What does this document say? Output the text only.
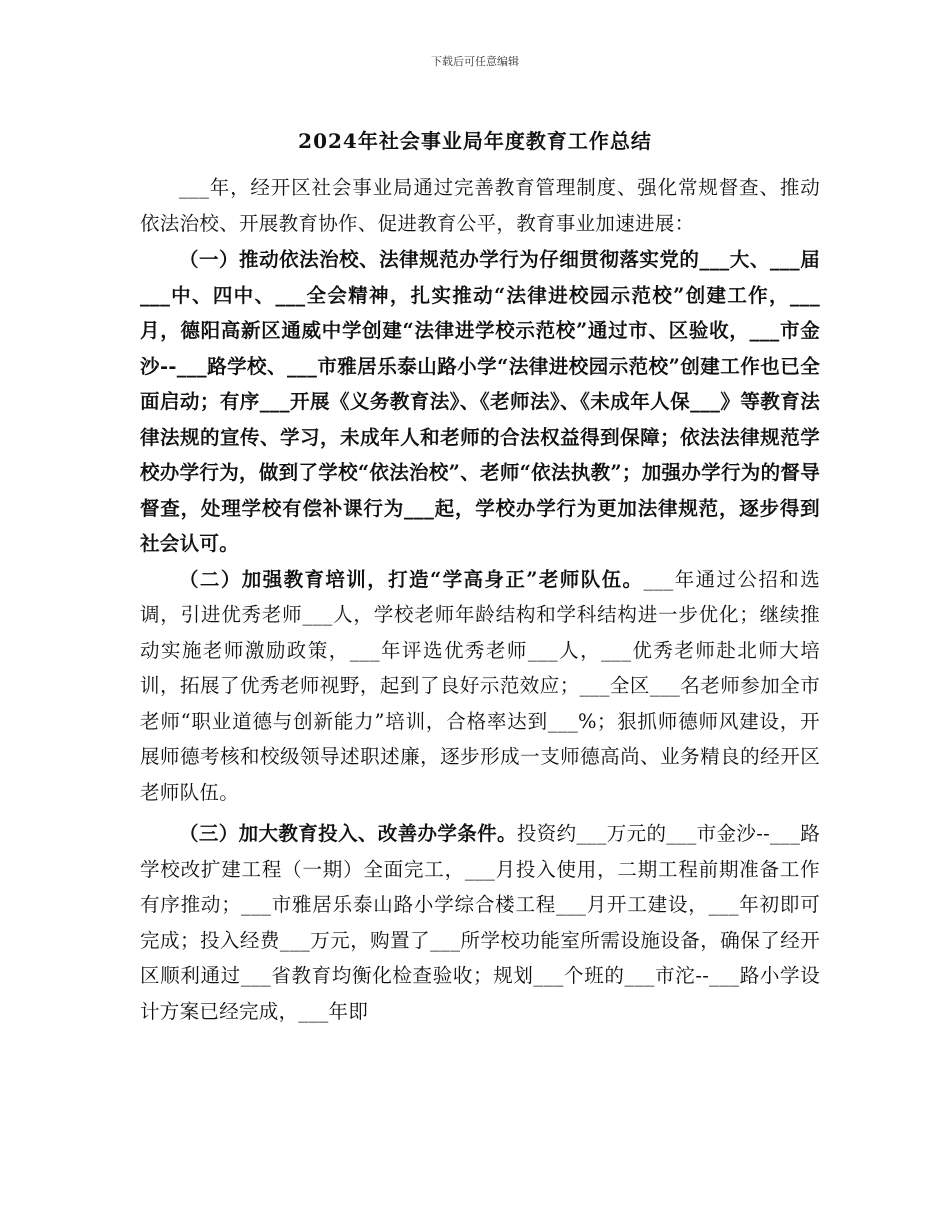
下载后可任意编辑
2024年社会事业局年度教育工作总结

___年，经开区社会事业局通过完善教育管理制度、强化常规督查、推动依法治校、开展教育协作、促进教育公平，教育事业加速进展：

（一）推动依法治校、法律规范办学行为仔细贯彻落实党的___大、___届___中、四中、___全会精神，扎实推动“法律进校园示范校”创建工作，___月，德阳高新区通威中学创建“法律进学校示范校”通过市、区验收，___市金沙--___路学校、___市雅居乐泰山路小学“法律进校园示范校”创建工作也已全面启动；有序___开展《义务教育法》、《老师法》、《未成年人保___》等教育法律法规的宣传、学习，未成年人和老师的合法权益得到保障；依法法律规范学校办学行为，做到了学校“依法治校”、老师“依法执教”；加强办学行为的督导督查，处理学校有偿补课行为___起，学校办学行为更加法律规范，逐步得到社会认可。

（二）加强教育培训，打造“学高身正”老师队伍。___年通过公招和选调，引进优秀老师___人，学校老师年龄结构和学科结构进一步优化；继续推动实施老师激励政策，___年评选优秀老师___人，___优秀老师赴北师大培训，拓展了优秀老师视野，起到了良好示范效应；___全区___名老师参加全市老师“职业道德与创新能力”培训，合格率达到___%；狠抓师德师风建设，开展师德考核和校级领导述职述廉，逐步形成一支师德高尚、业务精良的经开区老师队伍。

（三）加大教育投入、改善办学条件。投资约___万元的___市金沙--___路学校改扩建工程（一期）全面完工，___月投入使用，二期工程前期准备工作有序推动；___市雅居乐泰山路小学综合楼工程___月开工建设，___年初即可完成；投入经费___万元，购置了___所学校功能室所需设施设备，确保了经开区顺利通过___省教育均衡化检查验收；规划___个班的___市沱--___路小学设计方案已经完成，___年即
